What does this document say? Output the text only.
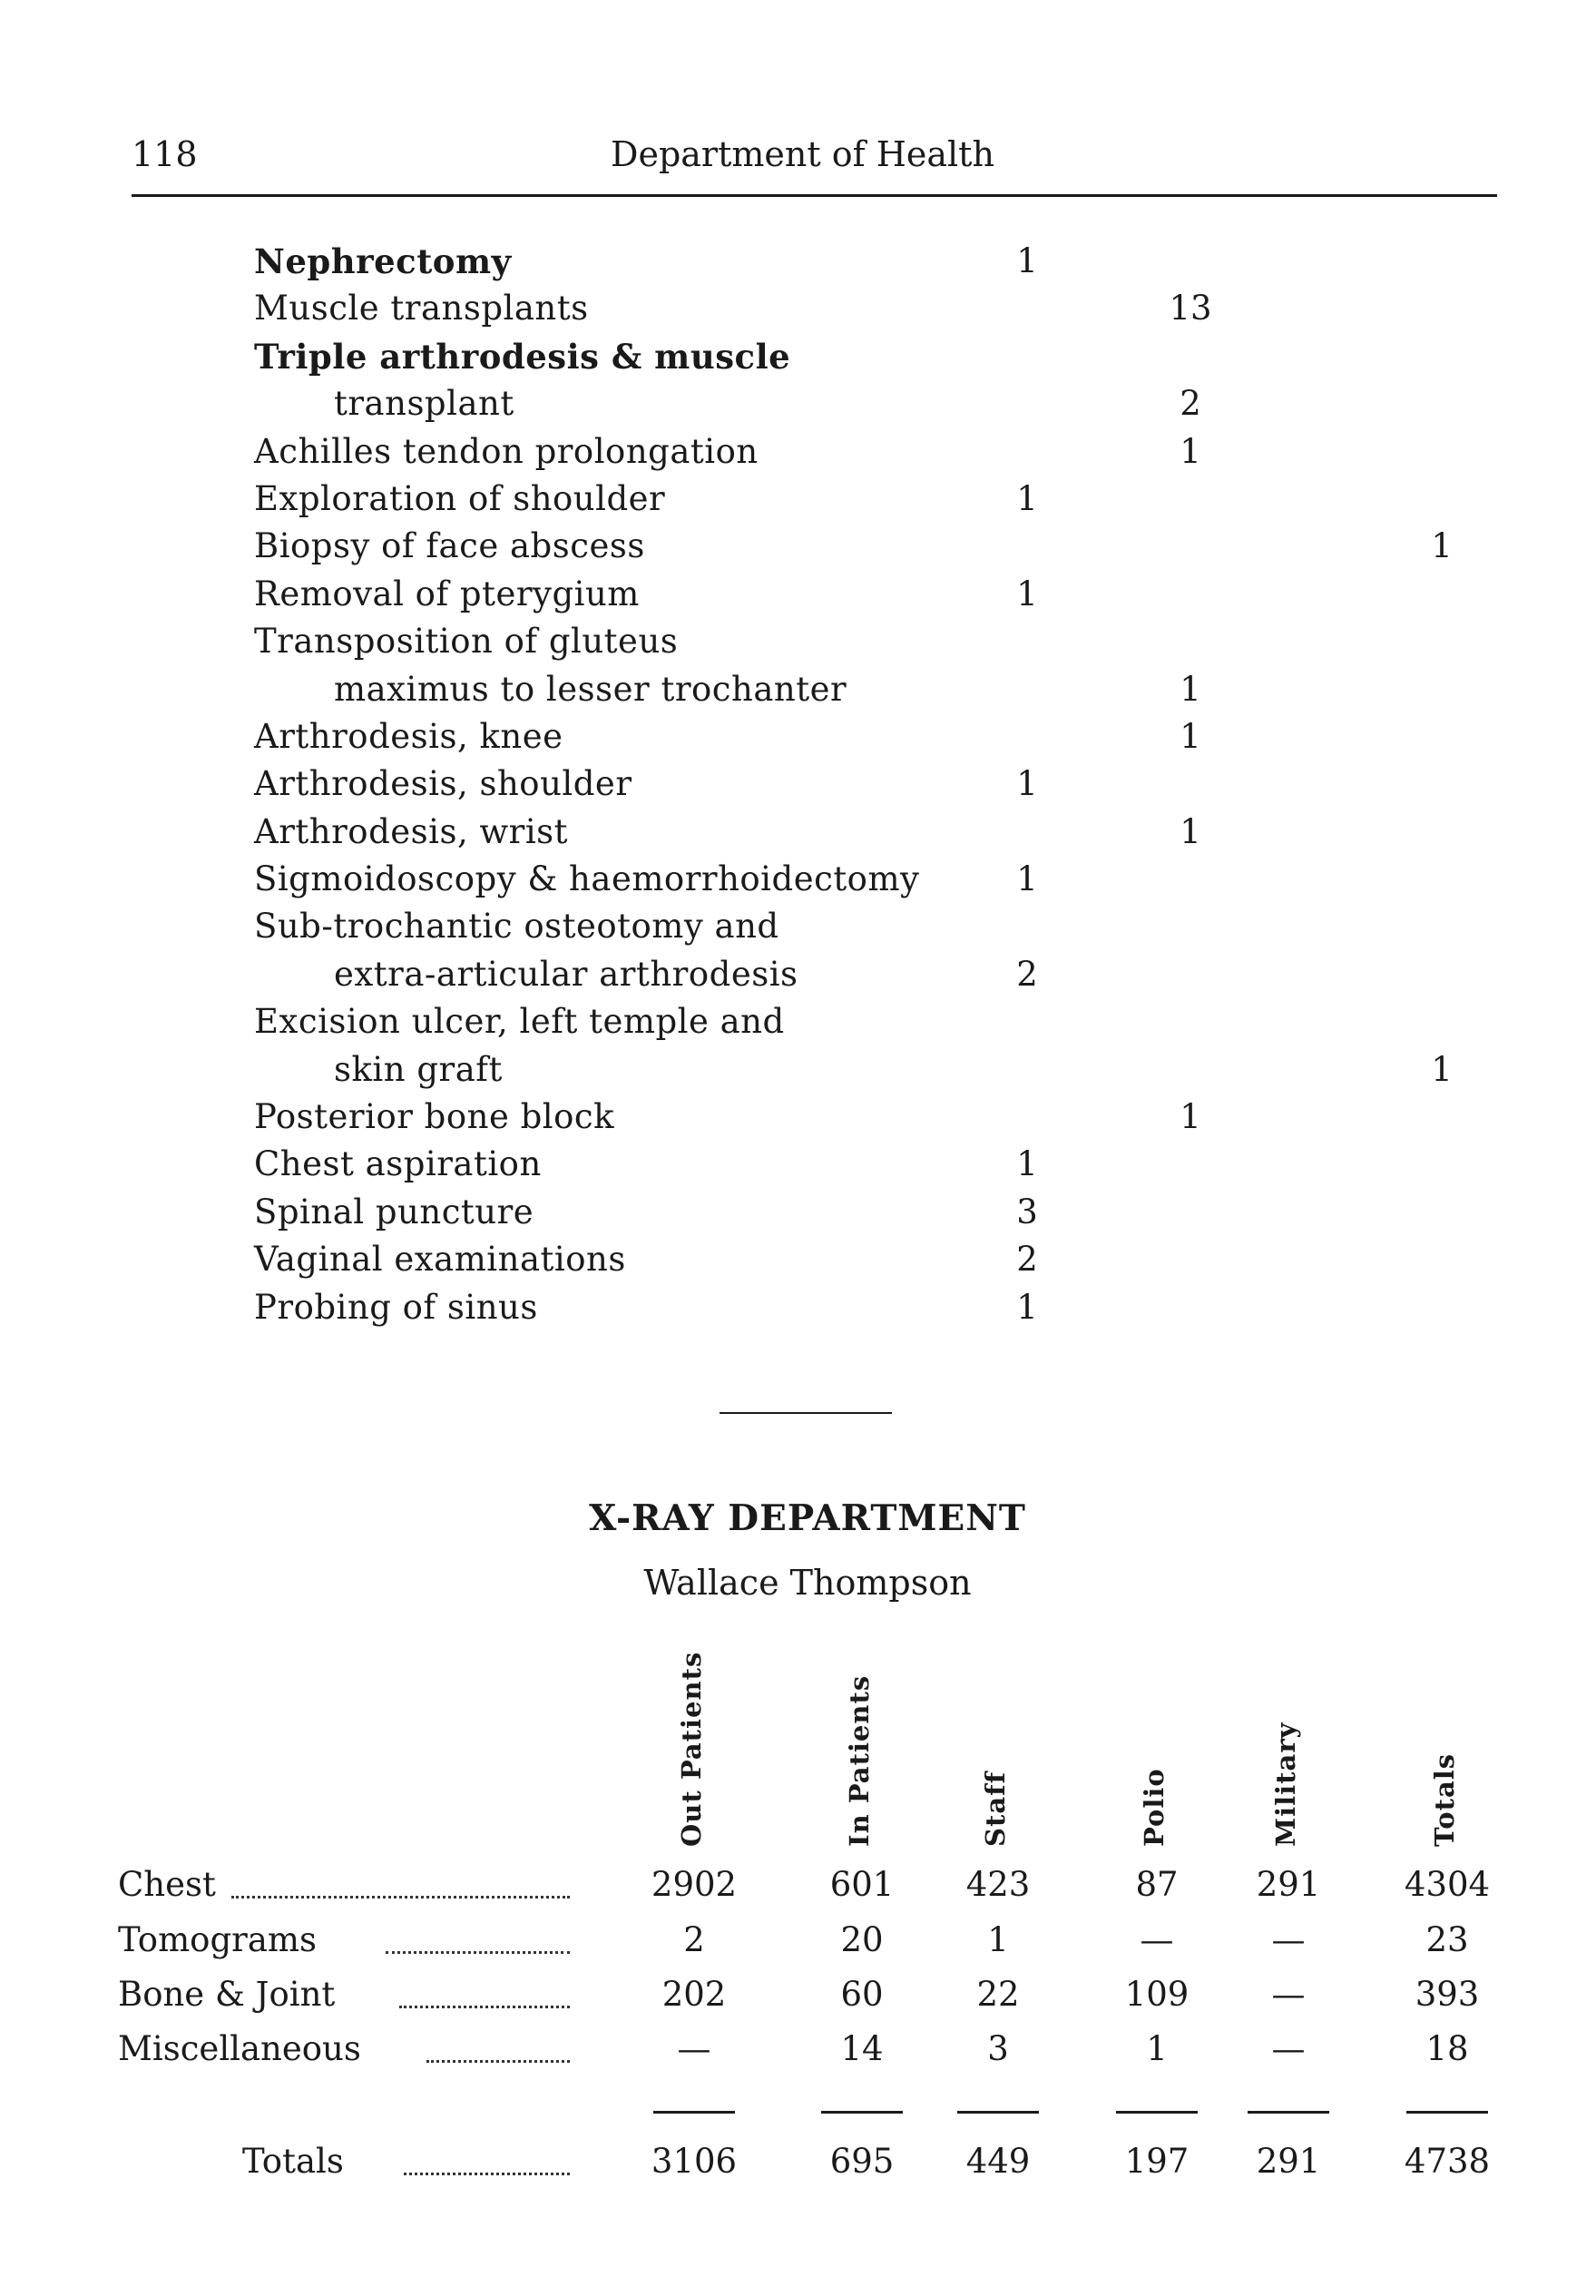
118	Department of Health
Nephrectomy	1
Muscle transplants	13
Triple arthrodesis & muscle
transplant	2
Achilles tendon prolongation	1
Exploration of shoulder	1
Biopsy of face abscess	1
Removal of pterygium	1
Transposition of gluteus
maximus to lesser trochanter	1
Arthrodesis, knee	1
Arthrodesis, shoulder	1
Arthrodesis, wrist	1
Sigmoidoscopy & haemorrhoidectomy	1
Sub-trochantic osteotomy and
extra-articular arthrodesis	2
Excision ulcer, left temple and
skin graft	1
Posterior bone block	1
Chest aspiration	1
Spinal puncture	3
Vaginal examinations	2
Probing of sinus	1
X-RAY DEPARTMENT
Wallace Thompson
Out Patients	In Patients	Staff	Polio	Military	Totals
Chest	2902	601	423	87	291	4304
Tomograms	2	20	1	—	—	23
Bone & Joint	202	60	22	109	—	393
Miscellaneous	—	14	3	1	—	18
Totals	3106	695	449	197	291	4738
